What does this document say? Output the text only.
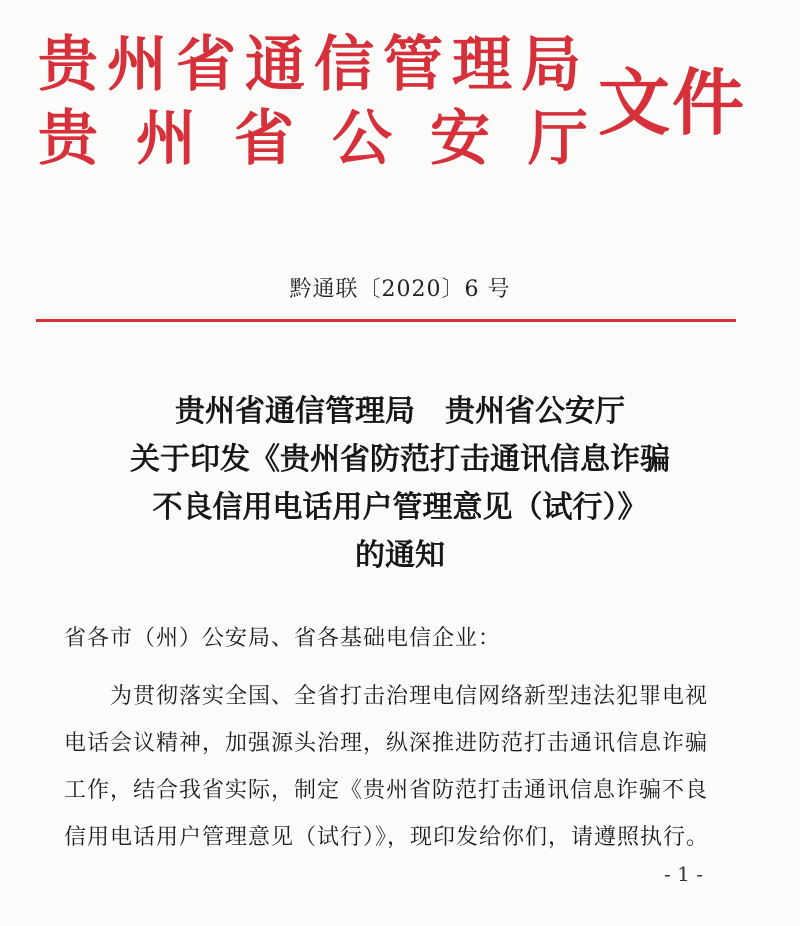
贵州省通信管理局
贵州省公安厅
文件
黔通联〔2020〕6 号
贵州省通信管理局　贵州省公安厅
关于印发《贵州省防范打击通讯信息诈骗
不良信用电话用户管理意见（试行）》
的通知
省各市（州）公安局、省各基础电信企业：
为贯彻落实全国、全省打击治理电信网络新型违法犯罪电视
电话会议精神，加强源头治理，纵深推进防范打击通讯信息诈骗
工作，结合我省实际，制定《贵州省防范打击通讯信息诈骗不良
信用电话用户管理意见（试行）》，现印发给你们，请遵照执行。
- 1 -
